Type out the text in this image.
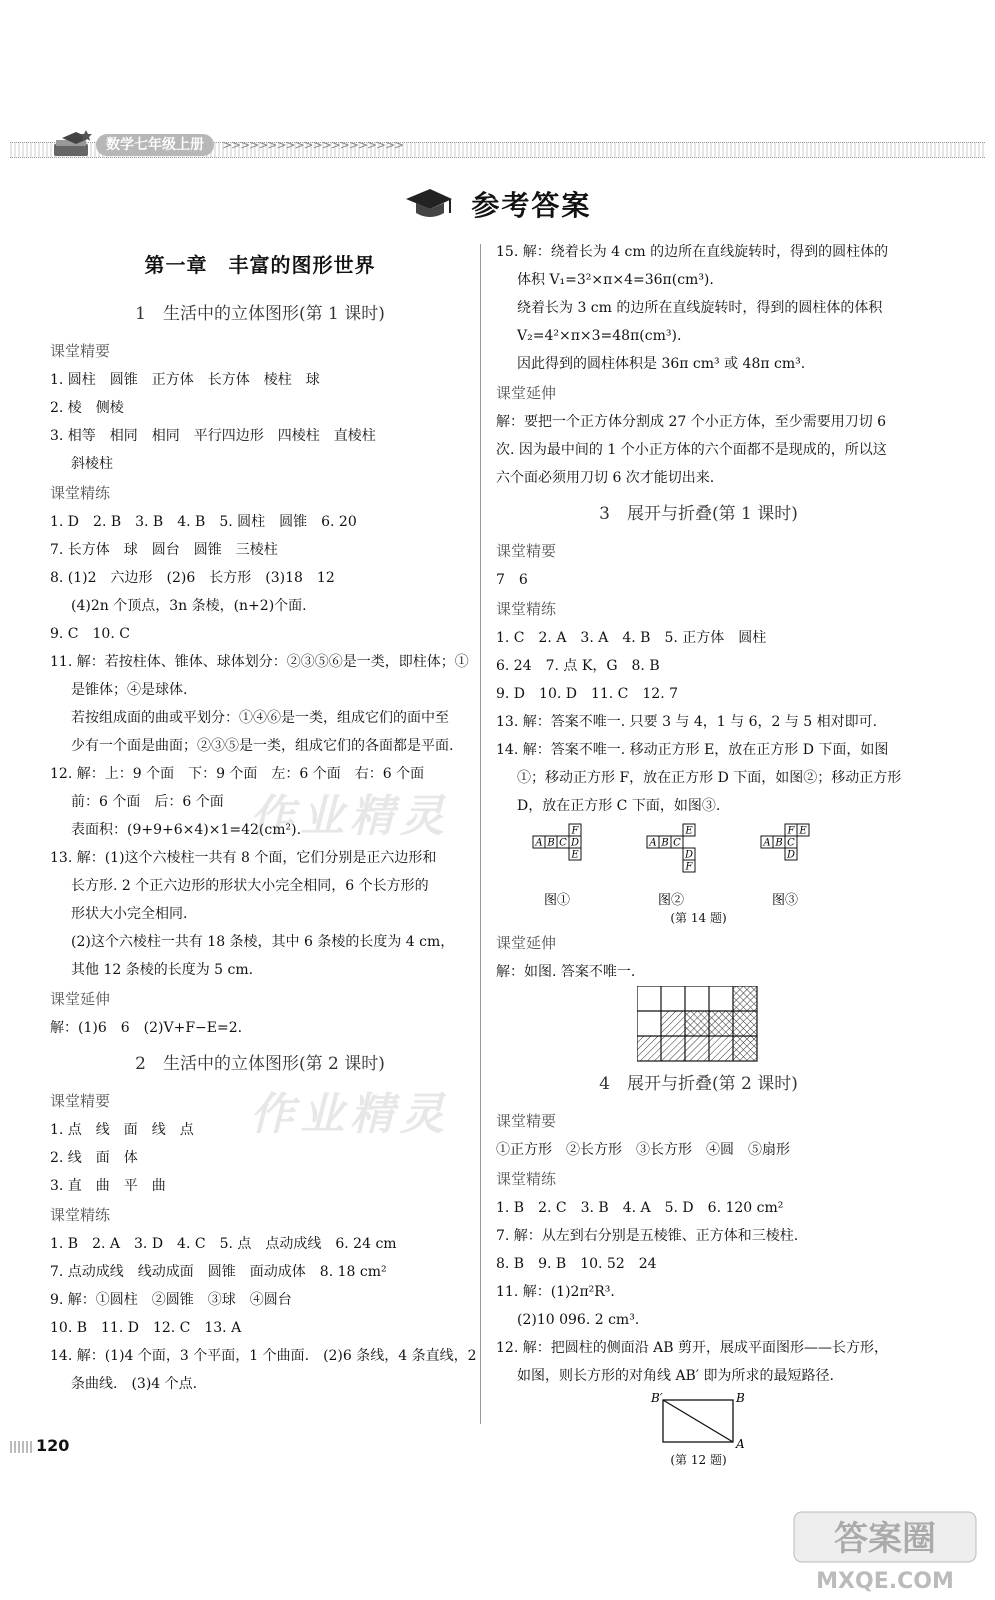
数学七年级上册	>>>>>>>>>>>>>>>>>>>>
参考答案
第一章　丰富的图形世界
1　生活中的立体图形(第 1 课时)
课堂精要
1. 圆柱　圆锥　正方体　长方体　棱柱　球
2. 棱　侧棱
3. 相等　相同　相同　平行四边形　四棱柱　直棱柱
斜棱柱
课堂精练
1. D　2. B　3. B　4. B　5. 圆柱　圆锥　6. 20
7. 长方体　球　圆台　圆锥　三棱柱
8. (1)2　六边形　(2)6　长方形　(3)18　12
(4)2n 个顶点，3n 条棱，(n+2)个面.
9. C　10. C
11. 解：若按柱体、锥体、球体划分：②③⑤⑥是一类，即柱体；①
是锥体；④是球体.
若按组成面的曲或平划分：①④⑥是一类，组成它们的面中至
少有一个面是曲面；②③⑤是一类，组成它们的各面都是平面.
12. 解：上：9 个面　下：9 个面　左：6 个面　右：6 个面
前：6 个面　后：6 个面
表面积：(9+9+6×4)×1=42(cm²).
13. 解：(1)这个六棱柱一共有 8 个面，它们分别是正六边形和
长方形. 2 个正六边形的形状大小完全相同，6 个长方形的
形状大小完全相同.
(2)这个六棱柱一共有 18 条棱，其中 6 条棱的长度为 4 cm，
其他 12 条棱的长度为 5 cm.
课堂延伸
解：(1)6　6　(2)V+F−E=2.
2　生活中的立体图形(第 2 课时)
课堂精要
1. 点　线　面　线　点
2. 线　面　体
3. 直　曲　平　曲
课堂精练
1. B　2. A　3. D　4. C　5. 点　点动成线　6. 24 cm
7. 点动成线　线动成面　圆锥　面动成体　8. 18 cm²
9. 解：①圆柱　②圆锥　③球　④圆台
10. B　11. D　12. C　13. A
14. 解：(1)4 个面，3 个平面，1 个曲面.　(2)6 条线，4 条直线，2
条曲线.　(3)4 个点.
15. 解：绕着长为 4 cm 的边所在直线旋转时，得到的圆柱体的
体积 V₁=3²×π×4=36π(cm³).
绕着长为 3 cm 的边所在直线旋转时，得到的圆柱体的体积
V₂=4²×π×3=48π(cm³).
因此得到的圆柱体积是 36π cm³ 或 48π cm³.
课堂延伸
解：要把一个正方体分割成 27 个小正方体，至少需要用刀切 6
次. 因为最中间的 1 个小正方体的六个面都不是现成的，所以这
六个面必须用刀切 6 次才能切出来.
3　展开与折叠(第 1 课时)
课堂精要
7　6
课堂精练
1. C　2. A　3. A　4. B　5. 正方体　圆柱
6. 24　7. 点 K，G　8. B
9. D　10. D　11. C　12. 7
13. 解：答案不唯一. 只要 3 与 4，1 与 6，2 与 5 相对即可.
14. 解：答案不唯一. 移动正方形 E，放在正方形 D 下面，如图
①；移动正方形 F，放在正方形 D 下面，如图②；移动正方形
D，放在正方形 C 下面，如图③.
F
A B C D
E
图①
E
A B C
D
F
图②
F E
A B C
D
图③
(第 14 题)
课堂延伸
解：如图. 答案不唯一.
4　展开与折叠(第 2 课时)
课堂精要
①正方形　②长方形　③长方形　④圆　⑤扇形
课堂精练
1. B　2. C　3. B　4. A　5. D　6. 120 cm²
7. 解：从左到右分别是五棱锥、正方体和三棱柱.
8. B　9. B　10. 52　24
11. 解：(1)2π²R³.
(2)10 096. 2 cm³.
12. 解：把圆柱的侧面沿 AB 剪开，展成平面图形——长方形，
如图，则长方形的对角线 AB′ 即为所求的最短路径.
B′	B
A
(第 12 题)
作业精灵
作业精灵
120
答案圈
MXQE.COM
